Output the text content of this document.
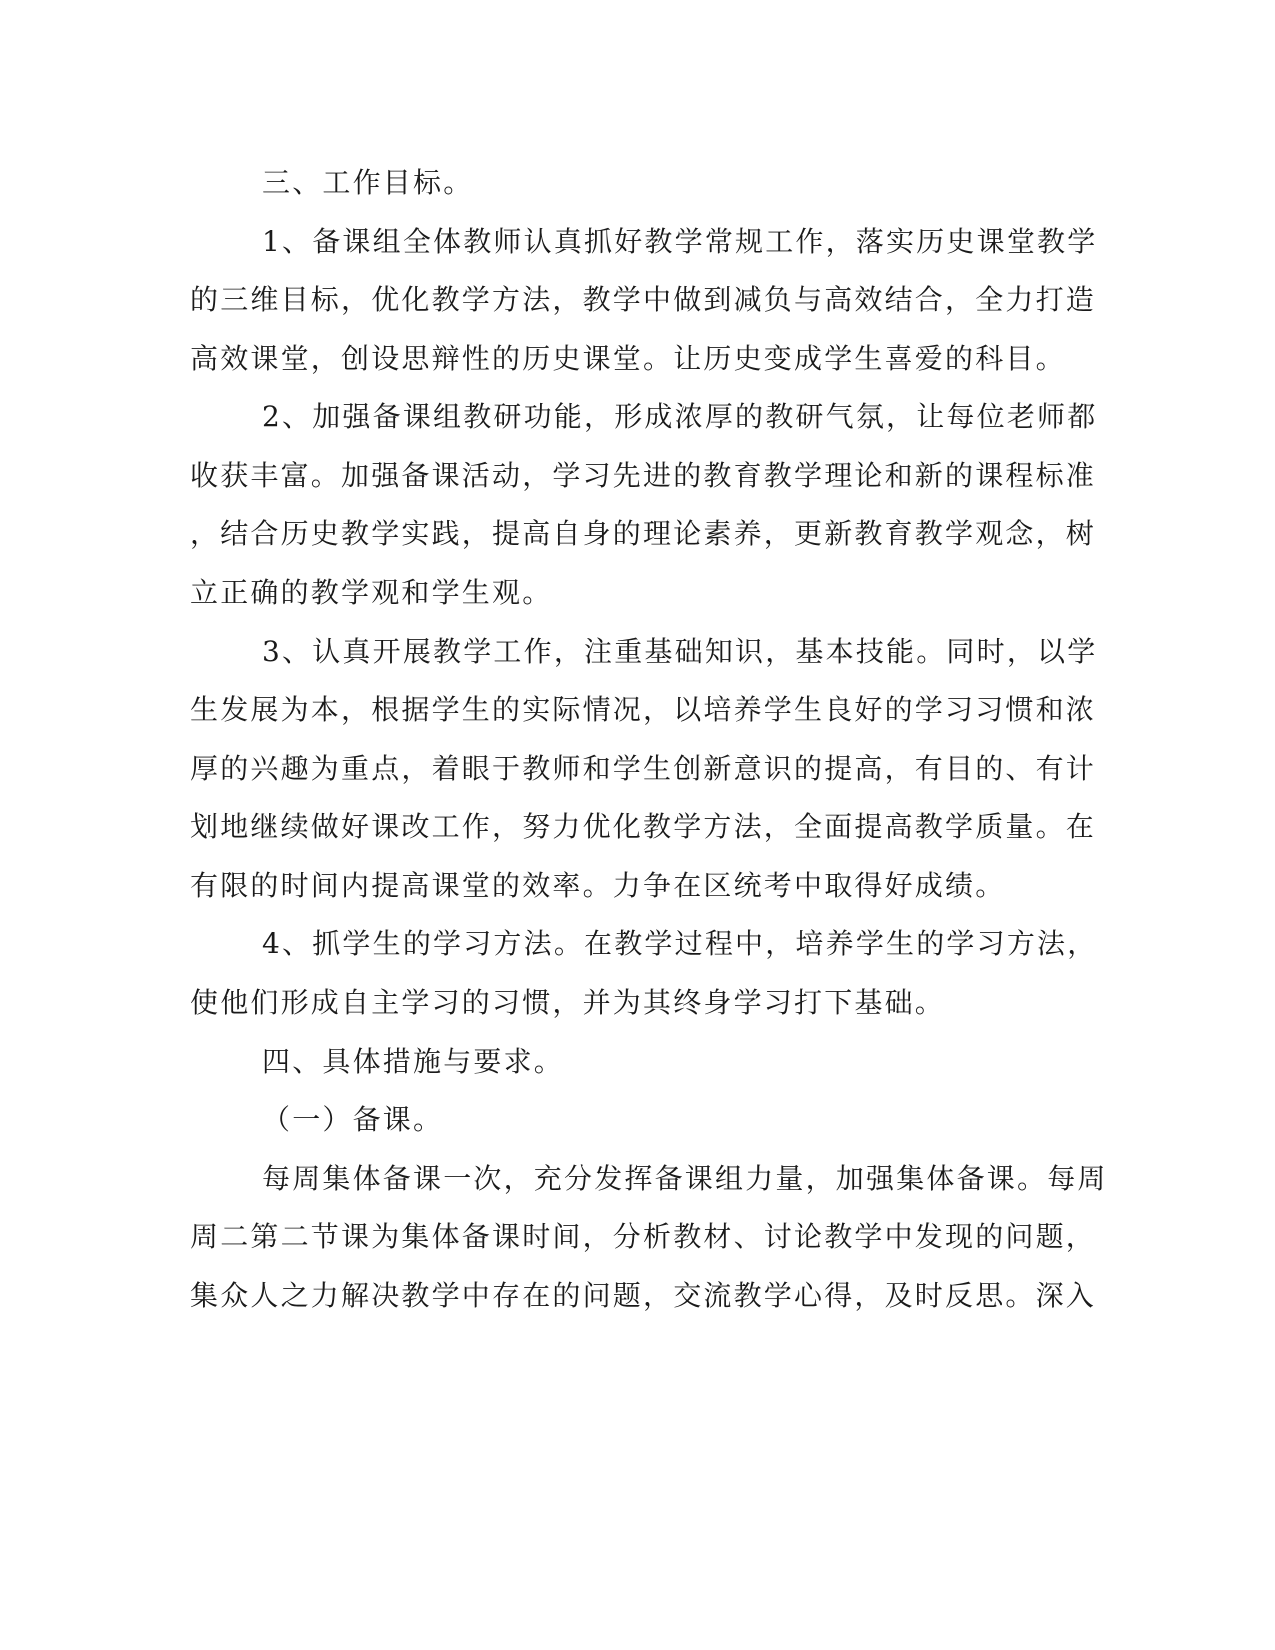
三、工作目标。
1、备课组全体教师认真抓好教学常规工作，落实历史课堂教学
的三维目标，优化教学方法，教学中做到减负与高效结合，全力打造
高效课堂，创设思辩性的历史课堂。让历史变成学生喜爱的科目。
2、加强备课组教研功能，形成浓厚的教研气氛，让每位老师都
收获丰富。加强备课活动，学习先进的教育教学理论和新的课程标准
，结合历史教学实践，提高自身的理论素养，更新教育教学观念，树
立正确的教学观和学生观。
3、认真开展教学工作，注重基础知识，基本技能。同时，以学
生发展为本，根据学生的实际情况，以培养学生良好的学习习惯和浓
厚的兴趣为重点，着眼于教师和学生创新意识的提高，有目的、有计
划地继续做好课改工作，努力优化教学方法，全面提高教学质量。在
有限的时间内提高课堂的效率。力争在区统考中取得好成绩。
4、抓学生的学习方法。在教学过程中，培养学生的学习方法，
使他们形成自主学习的习惯，并为其终身学习打下基础。
四、具体措施与要求。
（一）备课。
每周集体备课一次，充分发挥备课组力量，加强集体备课。每周
周二第二节课为集体备课时间，分析教材、讨论教学中发现的问题，
集众人之力解决教学中存在的问题，交流教学心得，及时反思。深入
